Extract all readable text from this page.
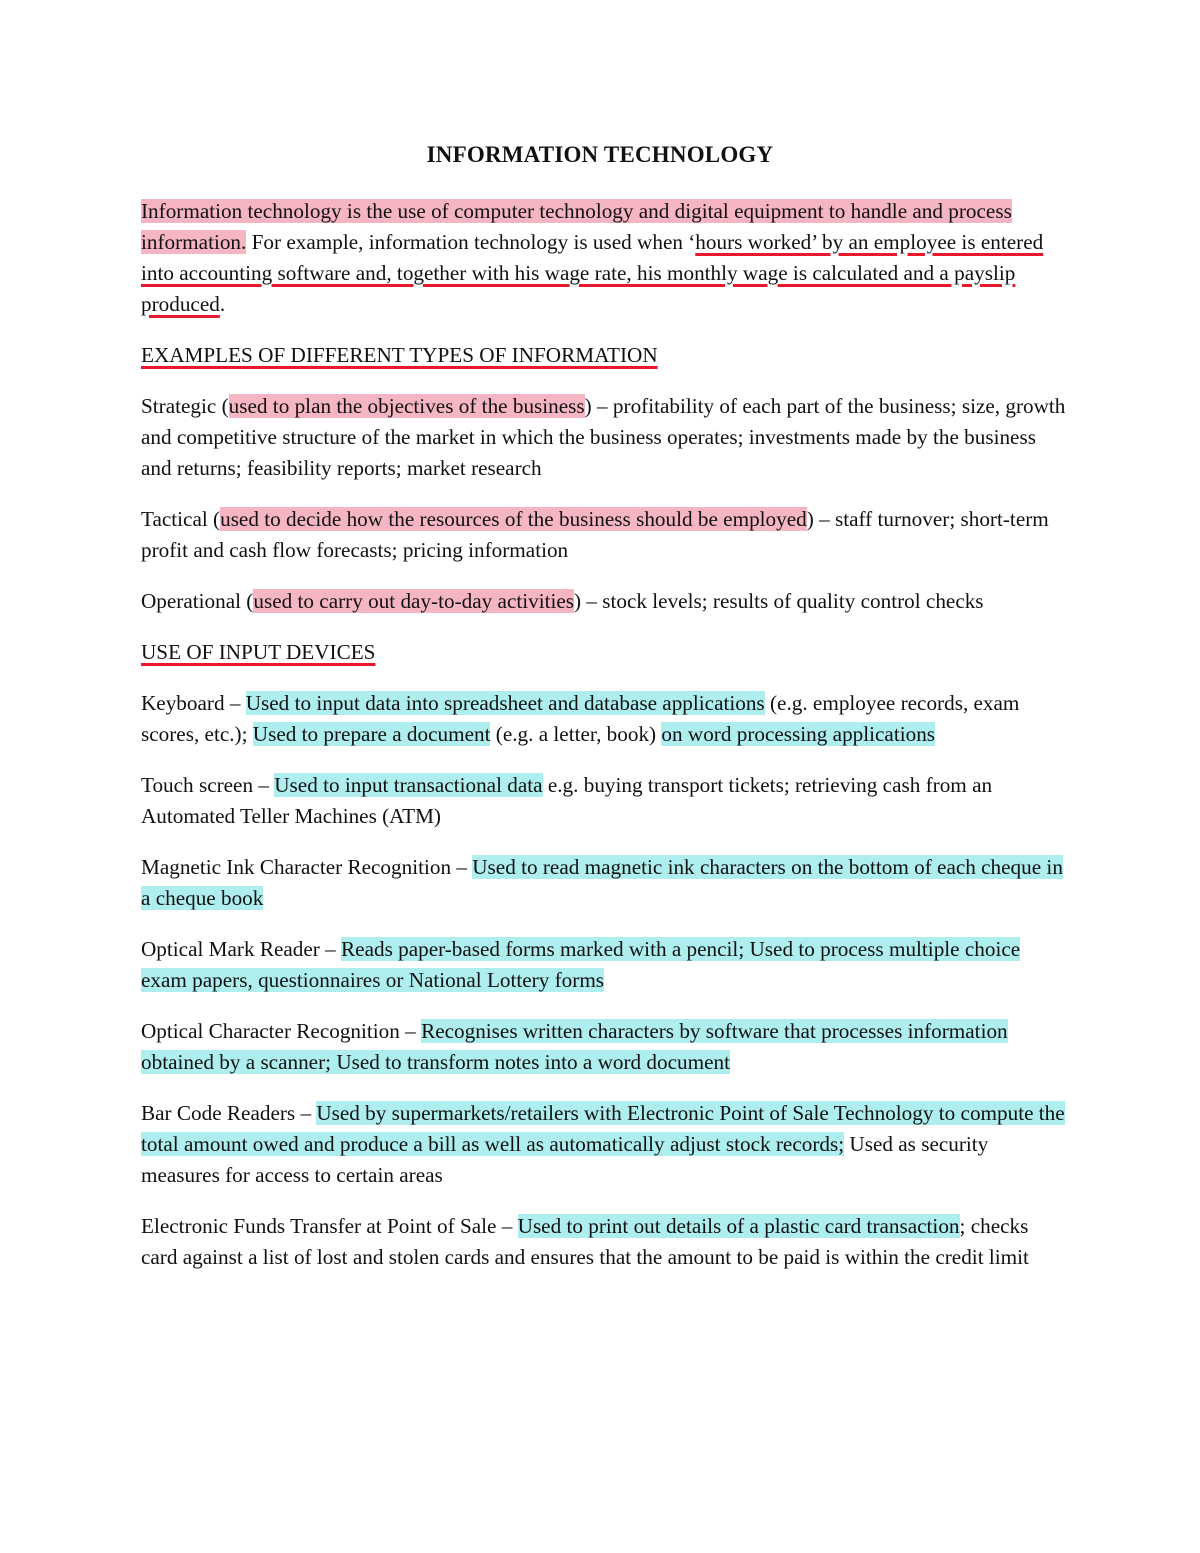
INFORMATION TECHNOLOGY

Information technology is the use of computer technology and digital equipment to handle and process information. For example, information technology is used when ‘hours worked’ by an employee is entered into accounting software and, together with his wage rate, his monthly wage is calculated and a payslip produced.

EXAMPLES OF DIFFERENT TYPES OF INFORMATION

Strategic (used to plan the objectives of the business) – profitability of each part of the business; size, growth and competitive structure of the market in which the business operates; investments made by the business and returns; feasibility reports; market research

Tactical (used to decide how the resources of the business should be employed) – staff turnover; short-term profit and cash flow forecasts; pricing information

Operational (used to carry out day-to-day activities) – stock levels; results of quality control checks

USE OF INPUT DEVICES

Keyboard – Used to input data into spreadsheet and database applications (e.g. employee records, exam scores, etc.); Used to prepare a document (e.g. a letter, book) on word processing applications

Touch screen – Used to input transactional data e.g. buying transport tickets; retrieving cash from an Automated Teller Machines (ATM)

Magnetic Ink Character Recognition – Used to read magnetic ink characters on the bottom of each cheque in a cheque book

Optical Mark Reader – Reads paper-based forms marked with a pencil; Used to process multiple choice exam papers, questionnaires or National Lottery forms

Optical Character Recognition – Recognises written characters by software that processes information obtained by a scanner; Used to transform notes into a word document

Bar Code Readers – Used by supermarkets/retailers with Electronic Point of Sale Technology to compute the total amount owed and produce a bill as well as automatically adjust stock records; Used as security measures for access to certain areas

Electronic Funds Transfer at Point of Sale – Used to print out details of a plastic card transaction; checks card against a list of lost and stolen cards and ensures that the amount to be paid is within the credit limit
